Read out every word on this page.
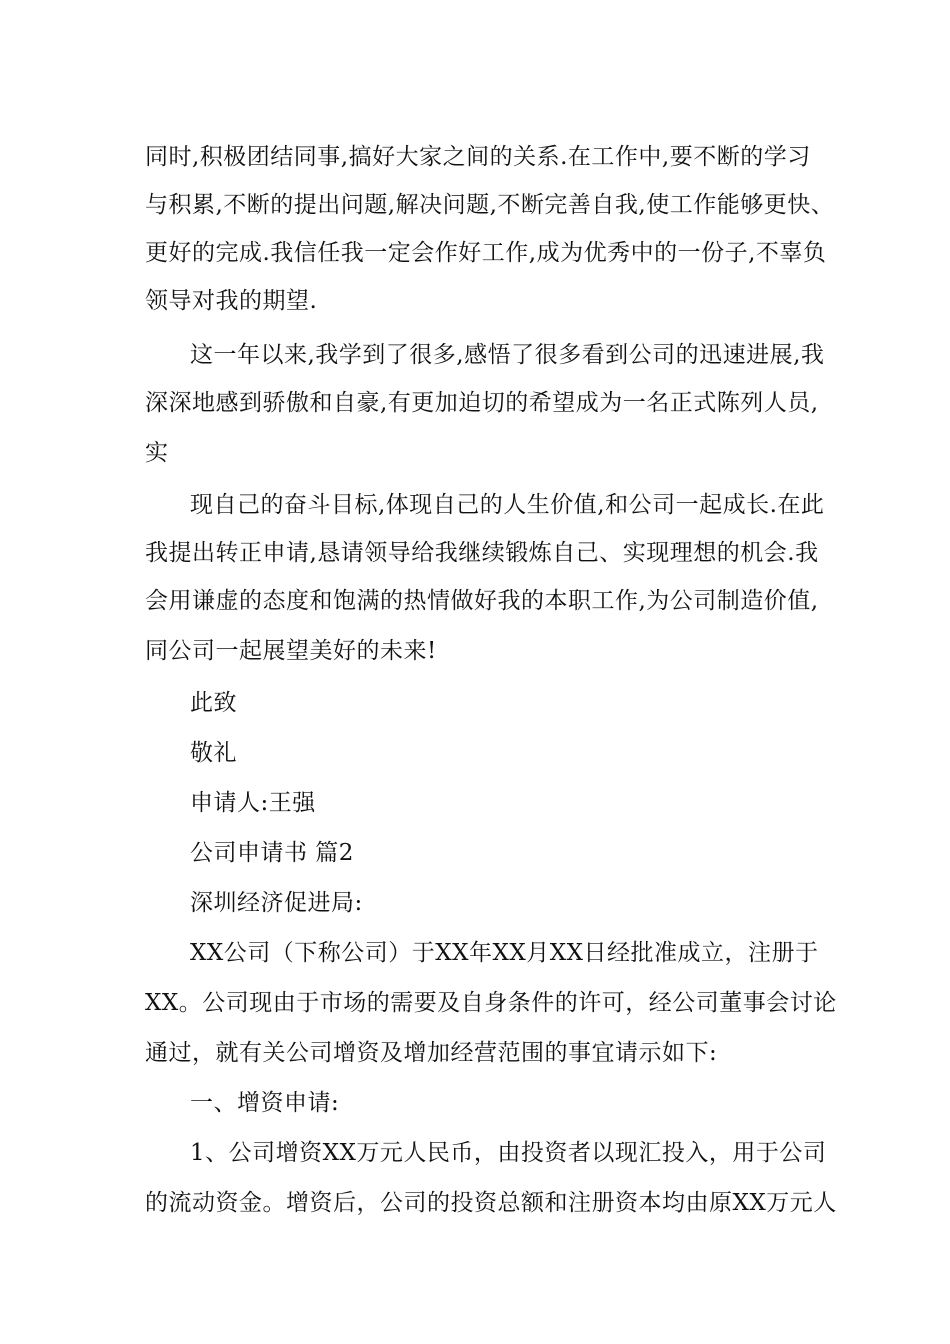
同时,积极团结同事,搞好大家之间的关系.在工作中,要不断的学习
与积累,不断的提出问题,解决问题,不断完善自我,使工作能够更快、
更好的完成.我信任我一定会作好工作,成为优秀中的一份子,不辜负
领导对我的期望.
这一年以来,我学到了很多,感悟了很多看到公司的迅速进展,我
深深地感到骄傲和自豪,有更加迫切的希望成为一名正式陈列人员,
实
现自己的奋斗目标,体现自己的人生价值,和公司一起成长.在此
我提出转正申请,恳请领导给我继续锻炼自己、实现理想的机会.我
会用谦虚的态度和饱满的热情做好我的本职工作,为公司制造价值,
同公司一起展望美好的未来!
此致
敬礼
申请人:王强
公司申请书 篇2
深圳经济促进局:
XX公司（下称公司）于XX年XX月XX日经批准成立，注册于
XX。公司现由于市场的需要及自身条件的许可，经公司董事会讨论
通过，就有关公司增资及增加经营范围的事宜请示如下:
一、增资申请:
1、公司增资XX万元人民币，由投资者以现汇投入，用于公司
的流动资金。增资后，公司的投资总额和注册资本均由原XX万元人
